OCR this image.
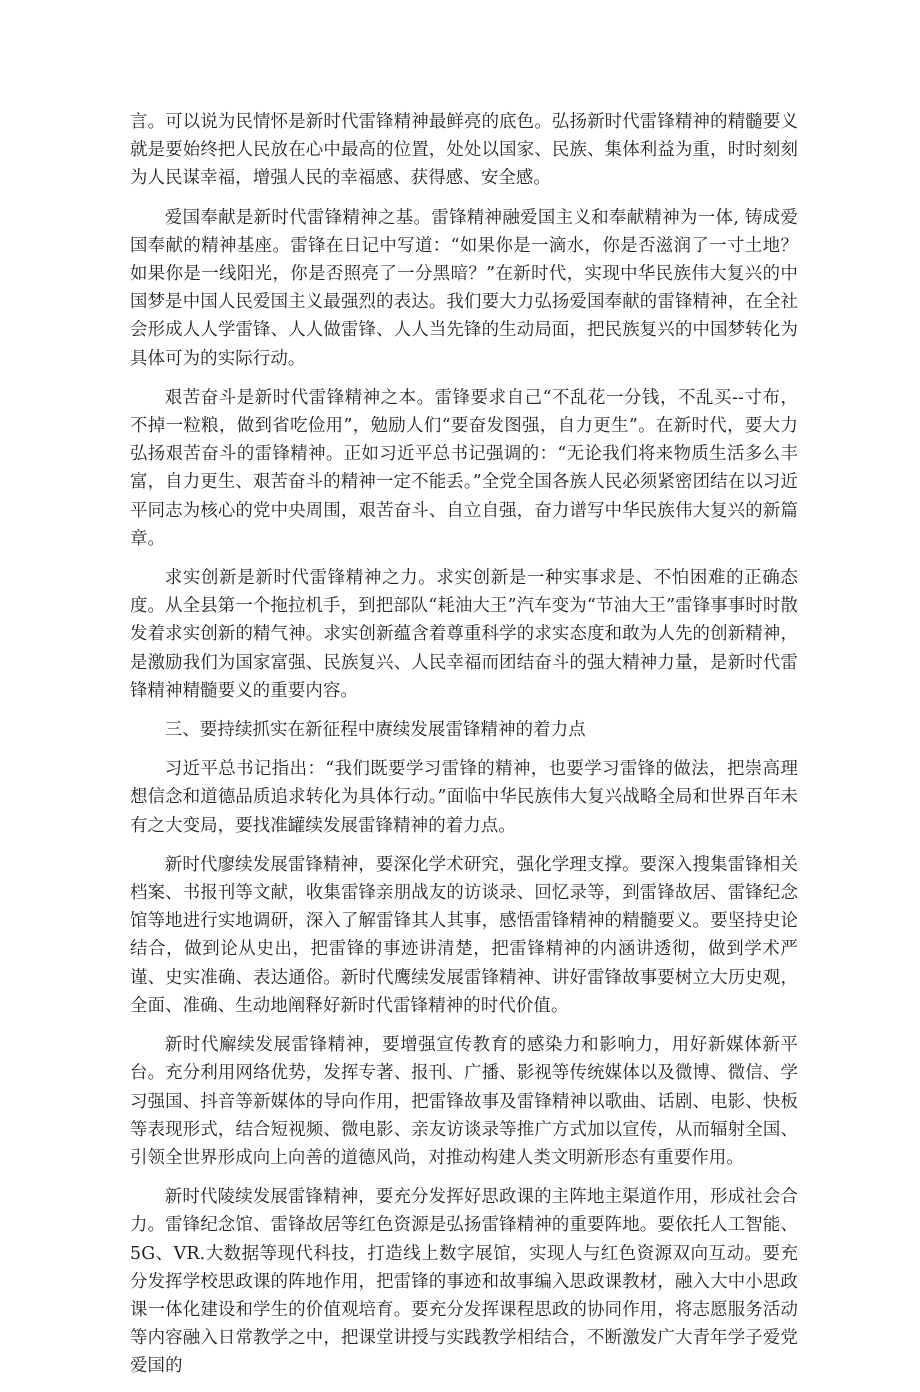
言。可以说为民情怀是新时代雷锋精神最鲜亮的底色。弘扬新时代雷锋精神的精髓要义就是要始终把人民放在心中最高的位置，处处以国家、民族、集体利益为重，时时刻刻为人民谋幸福，增强人民的幸福感、获得感、安全感。

爱国奉献是新时代雷锋精神之基。雷锋精神融爱国主义和奉献精神为一体, 铸成爱国奉献的精神基座。雷锋在日记中写道：“如果你是一滴水，你是否滋润了一寸土地？如果你是一线阳光，你是否照亮了一分黑暗？”在新时代，实现中华民族伟大复兴的中国梦是中国人民爱国主义最强烈的表达。我们要大力弘扬爱国奉献的雷锋精神，在全社会形成人人学雷锋、人人做雷锋、人人当先锋的生动局面，把民族复兴的中国梦转化为具体可为的实际行动。

艰苦奋斗是新时代雷锋精神之本。雷锋要求自己“不乱花一分钱，不乱买--寸布，不掉一粒粮，做到省吃俭用”，勉励人们“要奋发图强，自力更生”。在新时代，要大力弘扬艰苦奋斗的雷锋精神。正如习近平总书记强调的：“无论我们将来物质生活多么丰富，自力更生、艰苦奋斗的精神一定不能丢。”全党全国各族人民必须紧密团结在以习近平同志为核心的党中央周围，艰苦奋斗、自立自强，奋力谱写中华民族伟大复兴的新篇章。

求实创新是新时代雷锋精神之力。求实创新是一种实事求是、不怕困难的正确态度。从全县第一个拖拉机手，到把部队“耗油大王”汽车变为“节油大王”雷锋事事时时散发着求实创新的精气神。求实创新蕴含着尊重科学的求实态度和敢为人先的创新精神，是激励我们为国家富强、民族复兴、人民幸福而团结奋斗的强大精神力量，是新时代雷锋精神精髓要义的重要内容。

三、要持续抓实在新征程中赓续发展雷锋精神的着力点

习近平总书记指出：“我们既要学习雷锋的精神，也要学习雷锋的做法，把崇高理想信念和道德品质追求转化为具体行动。”面临中华民族伟大复兴战略全局和世界百年未有之大变局，要找准罐续发展雷锋精神的着力点。

新时代廖续发展雷锋精神，要深化学术研究，强化学理支撑。要深入搜集雷锋相关档案、书报刊等文献，收集雷锋亲朋战友的访谈录、回忆录等，到雷锋故居、雷锋纪念馆等地进行实地调研，深入了解雷锋其人其事，感悟雷锋精神的精髓要义。要坚持史论结合，做到论从史出，把雷锋的事迹讲清楚，把雷锋精神的内涵讲透彻，做到学术严谨、史实准确、表达通俗。新时代鹰续发展雷锋精神、讲好雷锋故事要树立大历史观，全面、准确、生动地阐释好新时代雷锋精神的时代价值。

新时代廨续发展雷锋精神，要增强宣传教育的感染力和影响力，用好新媒体新平台。充分利用网络优势，发挥专著、报刊、广播、影视等传统媒体以及微博、微信、学习强国、抖音等新媒体的导向作用，把雷锋故事及雷锋精神以歌曲、话剧、电影、快板等表现形式，结合短视频、微电影、亲友访谈录等推广方式加以宣传，从而辐射全国、引领全世界形成向上向善的道德风尚，对推动构建人类文明新形态有重要作用。

新时代陵续发展雷锋精神，要充分发挥好思政课的主阵地主渠道作用，形成社会合力。雷锋纪念馆、雷锋故居等红色资源是弘扬雷锋精神的重要阵地。要依托人工智能、5G、VR.大数据等现代科技，打造线上数字展馆，实现人与红色资源双向互动。要充分发挥学校思政课的阵地作用，把雷锋的事迹和故事编入思政课教材，融入大中小思政课一体化建设和学生的价值观培育。要充分发挥课程思政的协同作用，将志愿服务活动等内容融入日常教学之中，把课堂讲授与实践教学相结合，不断激发广大青年学子爱党爱国的
